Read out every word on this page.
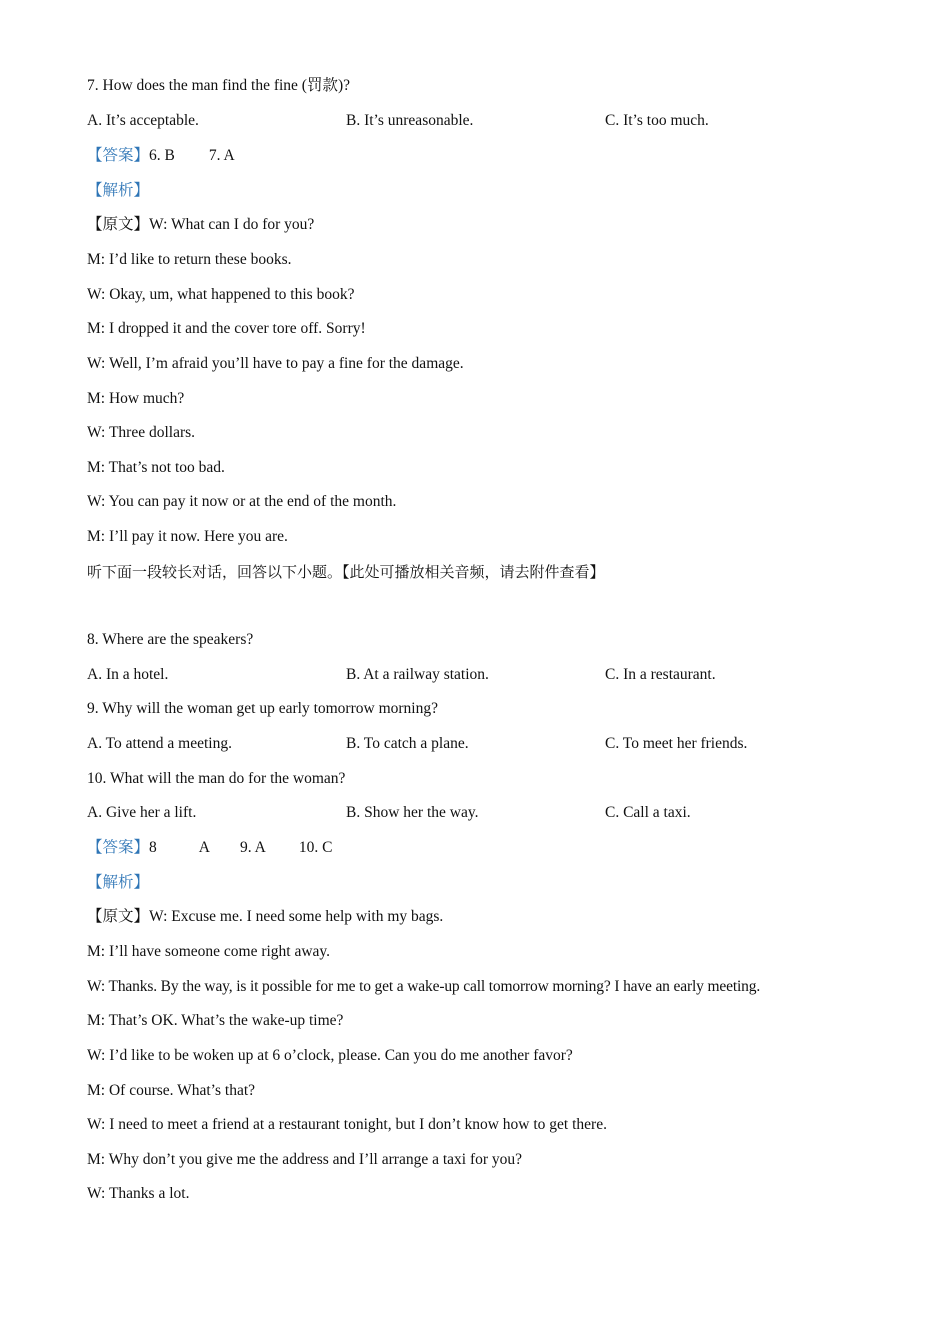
7. How does the man find the fine (罚款)?
A. It’s acceptable.	B. It’s unreasonable.	C. It’s too much.
【答案】6. B 7. A
【解析】
【原文】W: What can I do for you?
M: I’d like to return these books.
W: Okay, um, what happened to this book?
M: I dropped it and the cover tore off. Sorry!
W: Well, I’m afraid you’ll have to pay a fine for the damage.
M: How much?
W: Three dollars.
M: That’s not too bad.
W: You can pay it now or at the end of the month.
M: I’ll pay it now. Here you are.
听下面一段较长对话，回答以下小题。【此处可播放相关音频，请去附件查看】
8. Where are the speakers?
A. In a hotel.	B. At a railway station.	C. In a restaurant.
9. Why will the woman get up early tomorrow morning?
A. To attend a meeting.	B. To catch a plane.	C. To meet her friends.
10. What will the man do for the woman?
A. Give her a lift.	B. Show her the way.	C. Call a taxi.
【答案】8	A 9. A 10. C
【解析】
【原文】W: Excuse me. I need some help with my bags.
M: I’ll have someone come right away.
W: Thanks. By the way, is it possible for me to get a wake-up call tomorrow morning? I have an early meeting.
M: That’s OK. What’s the wake-up time?
W: I’d like to be woken up at 6 o’clock, please. Can you do me another favor?
M: Of course. What’s that?
W: I need to meet a friend at a restaurant tonight, but I don’t know how to get there.
M: Why don’t you give me the address and I’ll arrange a taxi for you?
W: Thanks a lot.
